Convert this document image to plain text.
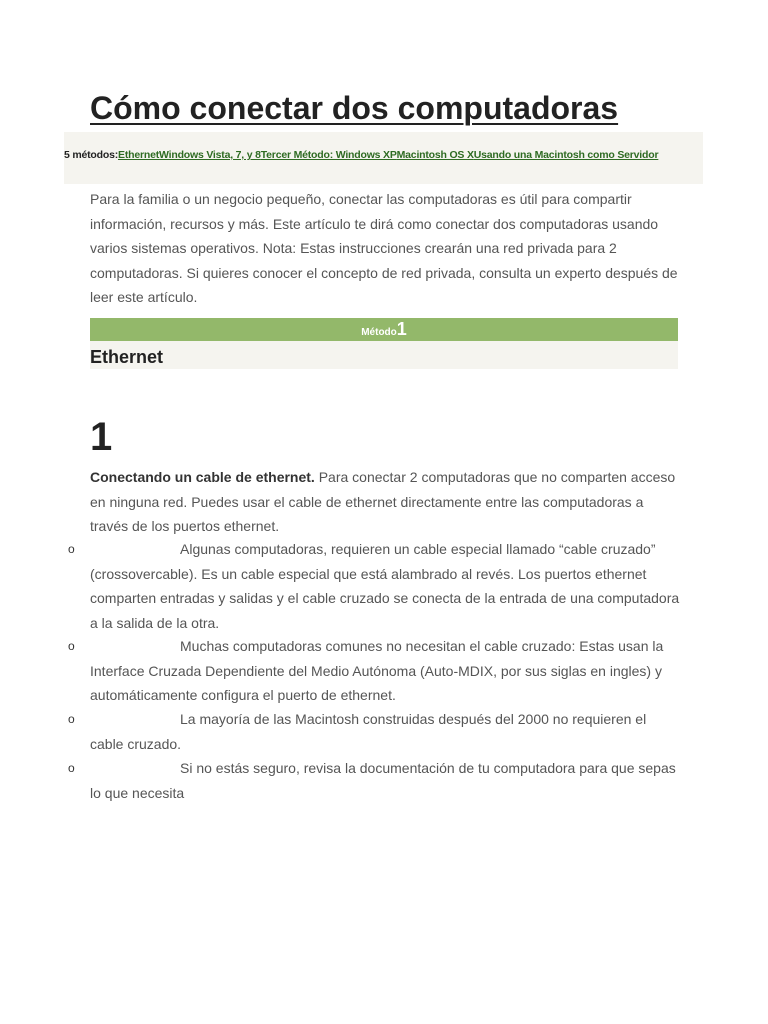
Cómo conectar dos computadoras
5 métodos:EthernetWindows Vista, 7, y 8Tercer Método: Windows XPMacintosh OS XUsando una Macintosh como Servidor

Para la familia o un negocio pequeño, conectar las computadoras es útil para compartir información, recursos y más. Este artículo te dirá como conectar dos computadoras usando varios sistemas operativos. Nota: Estas instrucciones crearán una red privada para 2 computadoras. Si quieres conocer el concepto de red privada, consulta un experto después de leer este artículo.

Método1
Ethernet
1

Conectando un cable de ethernet. Para conectar 2 computadoras que no comparten acceso en ninguna red. Puedes usar el cable de ethernet directamente entre las computadoras a través de los puertos ethernet.

o	Algunas computadoras, requieren un cable especial llamado “cable cruzado” (crossovercable). Es un cable especial que está alambrado al revés. Los puertos ethernet comparten entradas y salidas y el cable cruzado se conecta de la entrada de una computadora a la salida de la otra.
o	Muchas computadoras comunes no necesitan el cable cruzado: Estas usan la Interface Cruzada Dependiente del Medio Autónoma (Auto-MDIX, por sus siglas en ingles) y automáticamente configura el puerto de ethernet.
o	La mayoría de las Macintosh construidas después del 2000 no requieren el cable cruzado.
o	Si no estás seguro, revisa la documentación de tu computadora para que sepas lo que necesita
